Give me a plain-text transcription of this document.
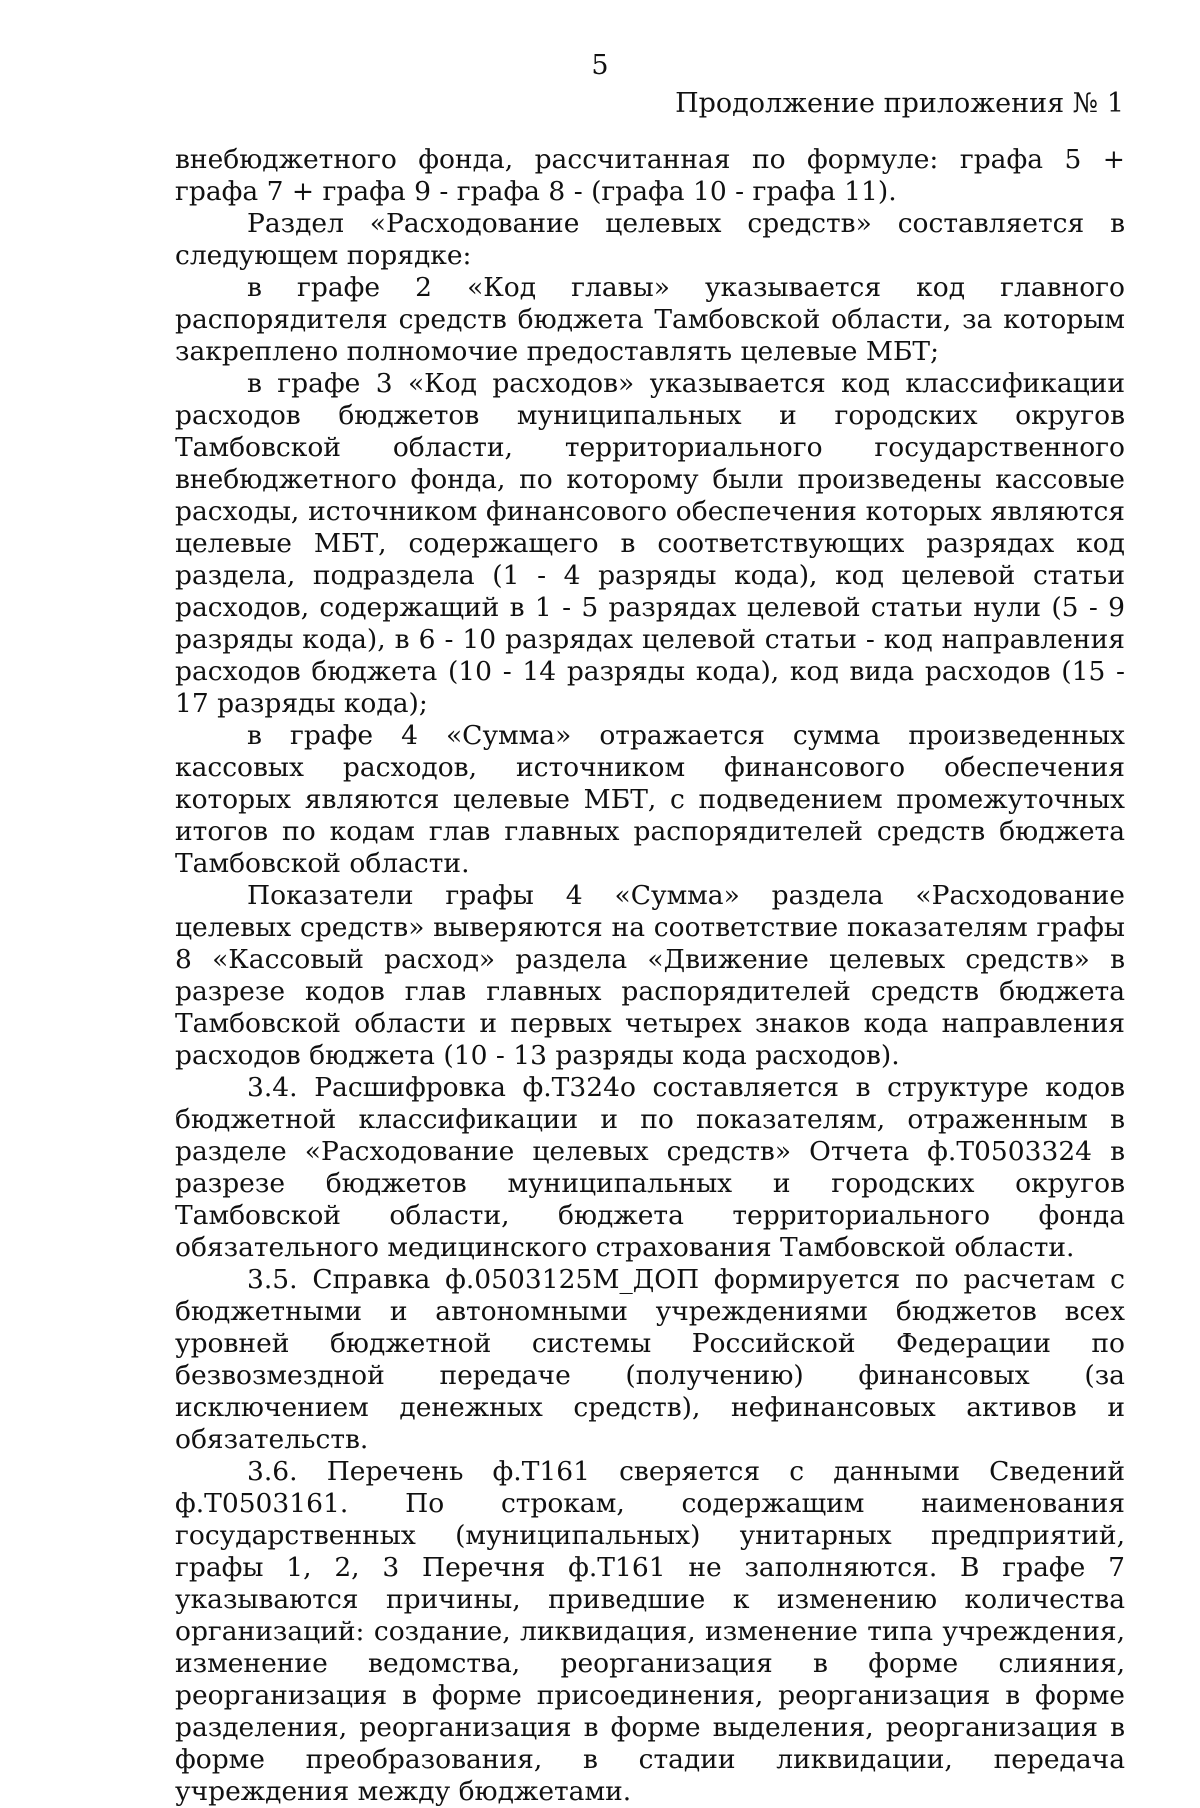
5

Продолжение приложения № 1

внебюджетного фонда, рассчитанная по формуле: графа 5 + графа 7 + графа 9 - графа 8 - (графа 10 - графа 11).

Раздел «Расходование целевых средств» составляется в следующем порядке:

в графе 2 «Код главы» указывается код главного распорядителя средств бюджета Тамбовской области, за которым закреплено полномочие предоставлять целевые МБТ;

в графе 3 «Код расходов» указывается код классификации расходов бюджетов муниципальных и городских округов Тамбовской области, территориального государственного внебюджетного фонда, по которому были произведены кассовые расходы, источником финансового обеспечения которых являются целевые МБТ, содержащего в соответствующих разрядах код раздела, подраздела (1 - 4 разряды кода), код целевой статьи расходов, содержащий в 1 - 5 разрядах целевой статьи нули (5 - 9 разряды кода), в 6 - 10 разрядах целевой статьи - код направления расходов бюджета (10 - 14 разряды кода), код вида расходов (15 - 17 разряды кода);

в графе 4 «Сумма» отражается сумма произведенных кассовых расходов, источником финансового обеспечения которых являются целевые МБТ, с подведением промежуточных итогов по кодам глав главных распорядителей средств бюджета Тамбовской области.

Показатели графы 4 «Сумма» раздела «Расходование целевых средств» выверяются на соответствие показателям графы 8 «Кассовый расход» раздела «Движение целевых средств» в разрезе кодов глав главных распорядителей средств бюджета Тамбовской области и первых четырех знаков кода направления расходов бюджета (10 - 13 разряды кода расходов).

3.4. Расшифровка ф.Т324о составляется в структуре кодов бюджетной классификации и по показателям, отраженным в разделе «Расходование целевых средств» Отчета ф.Т0503324 в разрезе бюджетов муниципальных и городских округов Тамбовской области, бюджета территориального фонда обязательного медицинского страхования Тамбовской области.

3.5. Справка ф.0503125М_ДОП формируется по расчетам с бюджетными и автономными учреждениями бюджетов всех уровней бюджетной системы Российской Федерации по безвозмездной передаче (получению) финансовых (за исключением денежных средств), нефинансовых активов и обязательств.

3.6. Перечень ф.Т161 сверяется с данными Сведений ф.Т0503161. По строкам, содержащим наименования государственных (муниципальных) унитарных предприятий, графы 1, 2, 3 Перечня ф.Т161 не заполняются. В графе 7 указываются причины, приведшие к изменению количества организаций: создание, ликвидация, изменение типа учреждения, изменение ведомства, реорганизация в форме слияния, реорганизация в форме присоединения, реорганизация в форме разделения, реорганизация в форме выделения, реорганизация в форме преобразования, в стадии ликвидации, передача учреждения между бюджетами.
